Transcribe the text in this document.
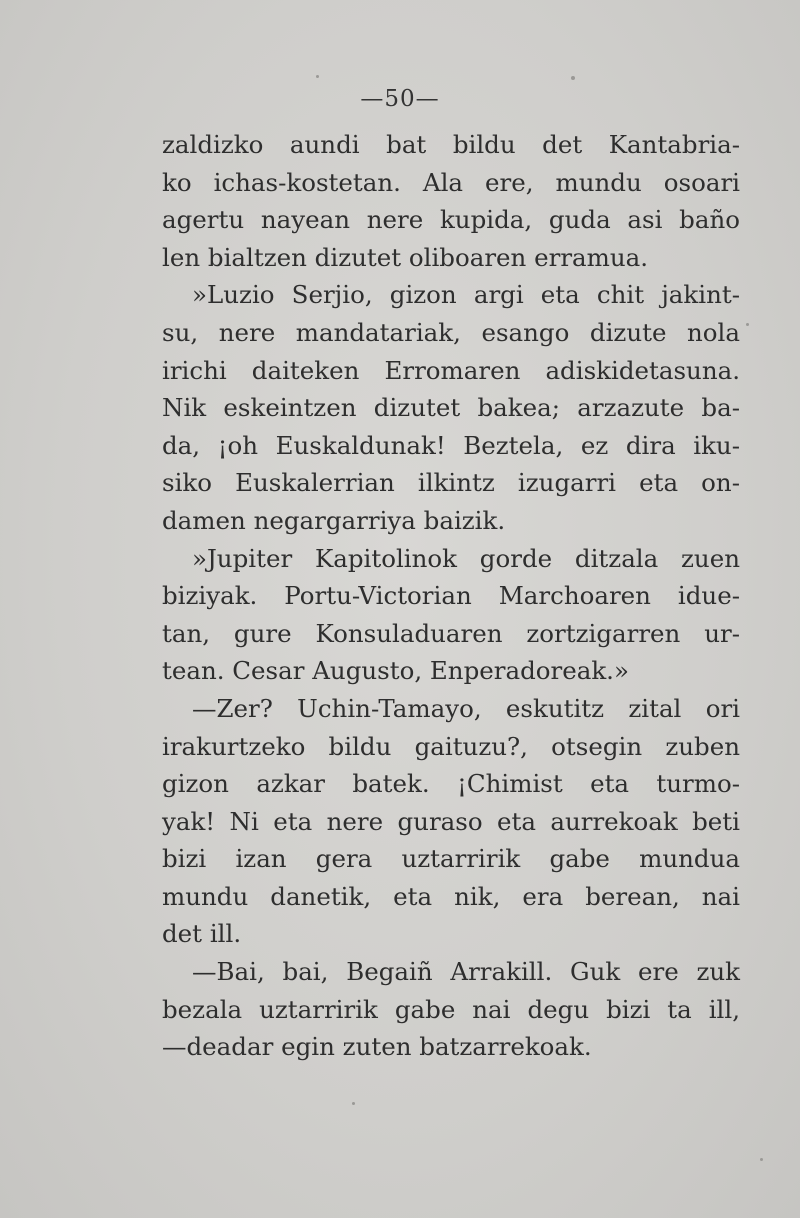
—50—
zaldizko aundi bat bildu det Kantabria-
ko ichas-kostetan. Ala ere, mundu osoari
agertu nayean nere kupida, guda asi baño
len bialtzen dizutet oliboaren erramua.
»Luzio Serjio, gizon argi eta chit jakint-
su, nere mandatariak, esango dizute nola
irichi daiteken Erromaren adiskidetasuna.
Nik eskeintzen dizutet bakea; arzazute ba-
da, ¡oh Euskaldunak! Beztela, ez dira iku-
siko Euskalerrian ilkintz izugarri eta on-
damen negargarriya baizik.
»Jupiter Kapitolinok gorde ditzala zuen
biziyak. Portu-Victorian Marchoaren idue-
tan, gure Konsuladuaren zortzigarren ur-
tean. Cesar Augusto, Enperadoreak.»
—Zer? Uchin-Tamayo, eskutitz zital ori
irakurtzeko bildu gaituzu?, otsegin zuben
gizon azkar batek. ¡Chimist eta turmo-
yak! Ni eta nere guraso eta aurrekoak beti
bizi izan gera uztarririk gabe mundua
mundu danetik, eta nik, era berean, nai
det ill.
—Bai, bai, Begaiñ Arrakill. Guk ere zuk
bezala uztarririk gabe nai degu bizi ta ill,
—deadar egin zuten batzarrekoak.
